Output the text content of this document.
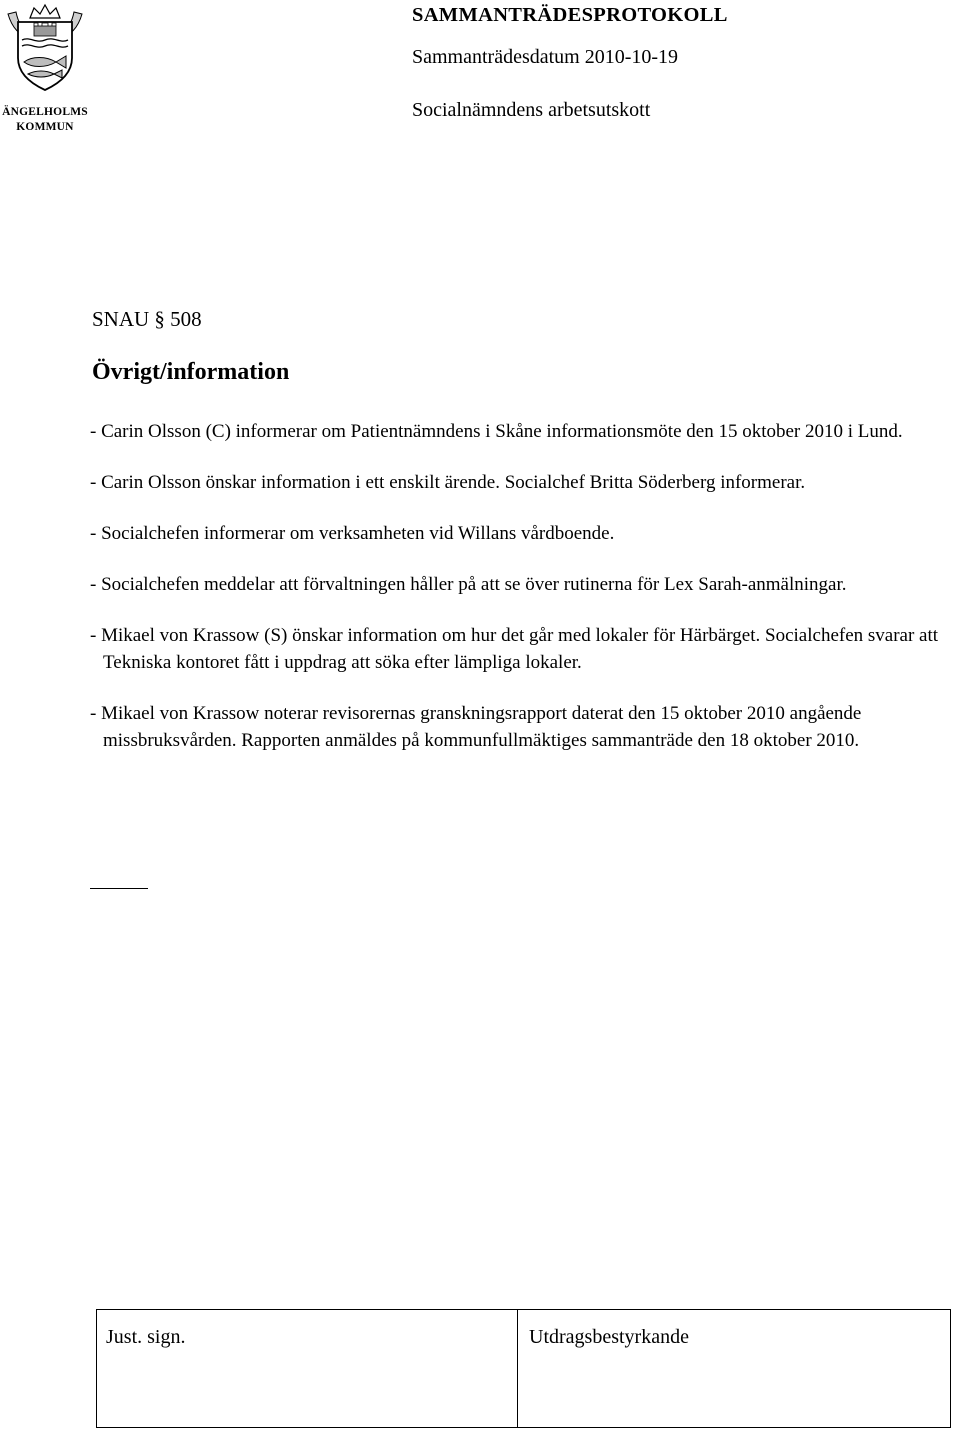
ÄNGELHOLMS
KOMMUN
SAMMANTRÄDESPROTOKOLL
Sammanträdesdatum 2010-10-19
Socialnämndens arbetsutskott
SNAU § 508
Övrigt/information
- Carin Olsson (C) informerar om Patientnämndens i Skåne informationsmöte den 15 oktober 2010 i Lund.
- Carin Olsson önskar information i ett enskilt ärende. Socialchef Britta Söderberg informerar.
- Socialchefen informerar om verksamheten vid Willans vårdboende.
- Socialchefen meddelar att förvaltningen håller på att se över rutinerna för Lex Sarah-anmälningar.
- Mikael von Krassow (S) önskar information om hur det går med lokaler för Härbärget. Socialchefen svarar att Tekniska kontoret fått i uppdrag att söka efter lämpliga lokaler.
- Mikael von Krassow noterar revisorernas granskningsrapport daterat den 15 oktober 2010 angående missbruksvården. Rapporten anmäldes på kommunfullmäktiges sammanträde den 18 oktober 2010.
Just. sign.	Utdragsbestyrkande
